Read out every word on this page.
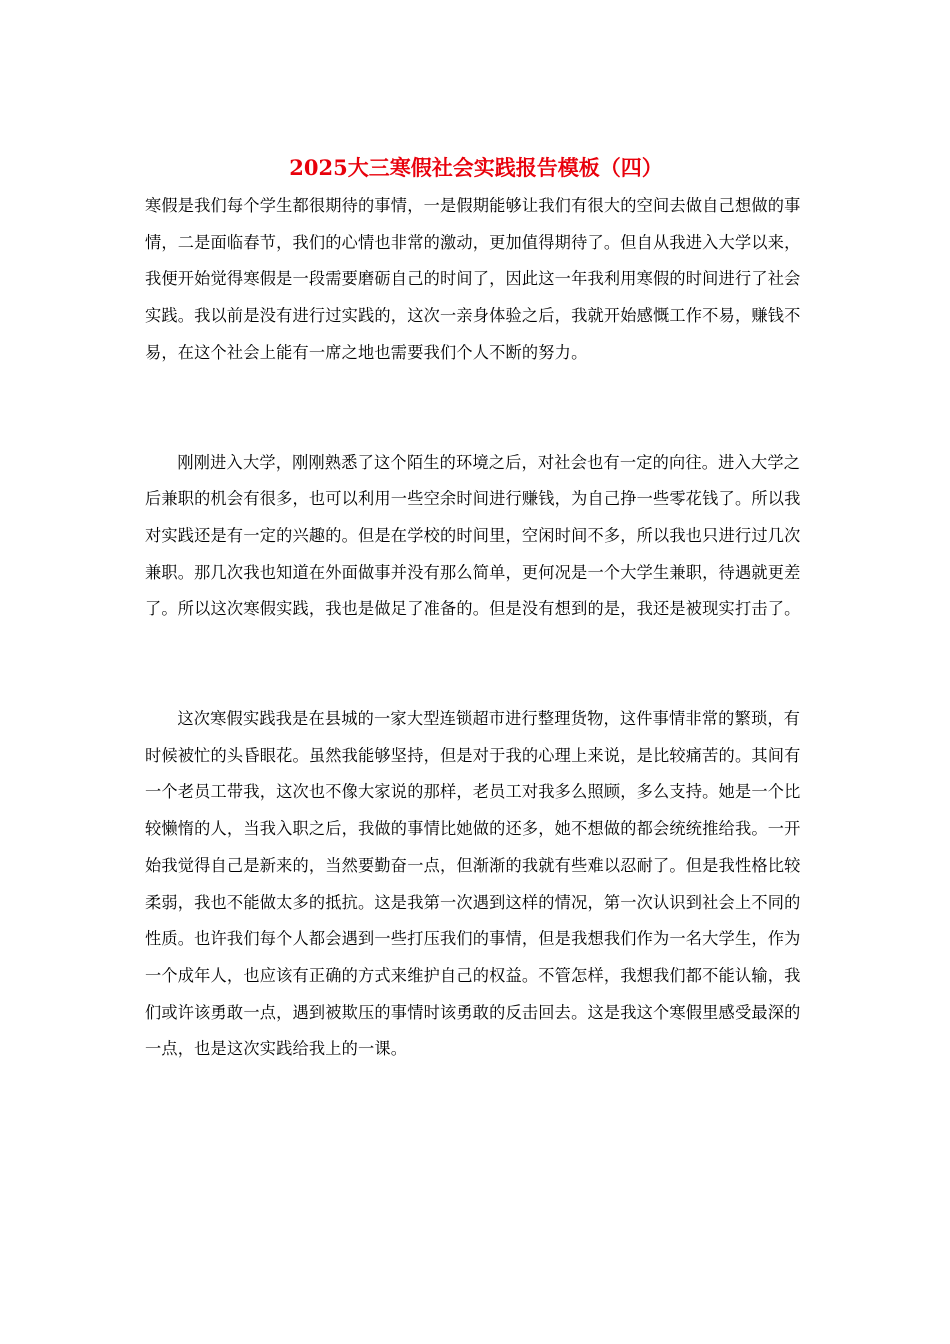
2025大三寒假社会实践报告模板（四）

寒假是我们每个学生都很期待的事情，一是假期能够让我们有很大的空间去做自己想做的事情，二是面临春节，我们的心情也非常的激动，更加值得期待了。但自从我进入大学以来，我便开始觉得寒假是一段需要磨砺自己的时间了，因此这一年我利用寒假的时间进行了社会实践。我以前是没有进行过实践的，这次一亲身体验之后，我就开始感慨工作不易，赚钱不易，在这个社会上能有一席之地也需要我们个人不断的努力。

刚刚进入大学，刚刚熟悉了这个陌生的环境之后，对社会也有一定的向往。进入大学之后兼职的机会有很多，也可以利用一些空余时间进行赚钱，为自己挣一些零花钱了。所以我对实践还是有一定的兴趣的。但是在学校的时间里，空闲时间不多，所以我也只进行过几次兼职。那几次我也知道在外面做事并没有那么简单，更何况是一个大学生兼职，待遇就更差了。所以这次寒假实践，我也是做足了准备的。但是没有想到的是，我还是被现实打击了。

这次寒假实践我是在县城的一家大型连锁超市进行整理货物，这件事情非常的繁琐，有时候被忙的头昏眼花。虽然我能够坚持，但是对于我的心理上来说，是比较痛苦的。其间有一个老员工带我，这次也不像大家说的那样，老员工对我多么照顾，多么支持。她是一个比较懒惰的人，当我入职之后，我做的事情比她做的还多，她不想做的都会统统推给我。一开始我觉得自己是新来的，当然要勤奋一点，但渐渐的我就有些难以忍耐了。但是我性格比较柔弱，我也不能做太多的抵抗。这是我第一次遇到这样的情况，第一次认识到社会上不同的性质。也许我们每个人都会遇到一些打压我们的事情，但是我想我们作为一名大学生，作为一个成年人，也应该有正确的方式来维护自己的权益。不管怎样，我想我们都不能认输，我们或许该勇敢一点，遇到被欺压的事情时该勇敢的反击回去。这是我这个寒假里感受最深的一点，也是这次实践给我上的一课。
